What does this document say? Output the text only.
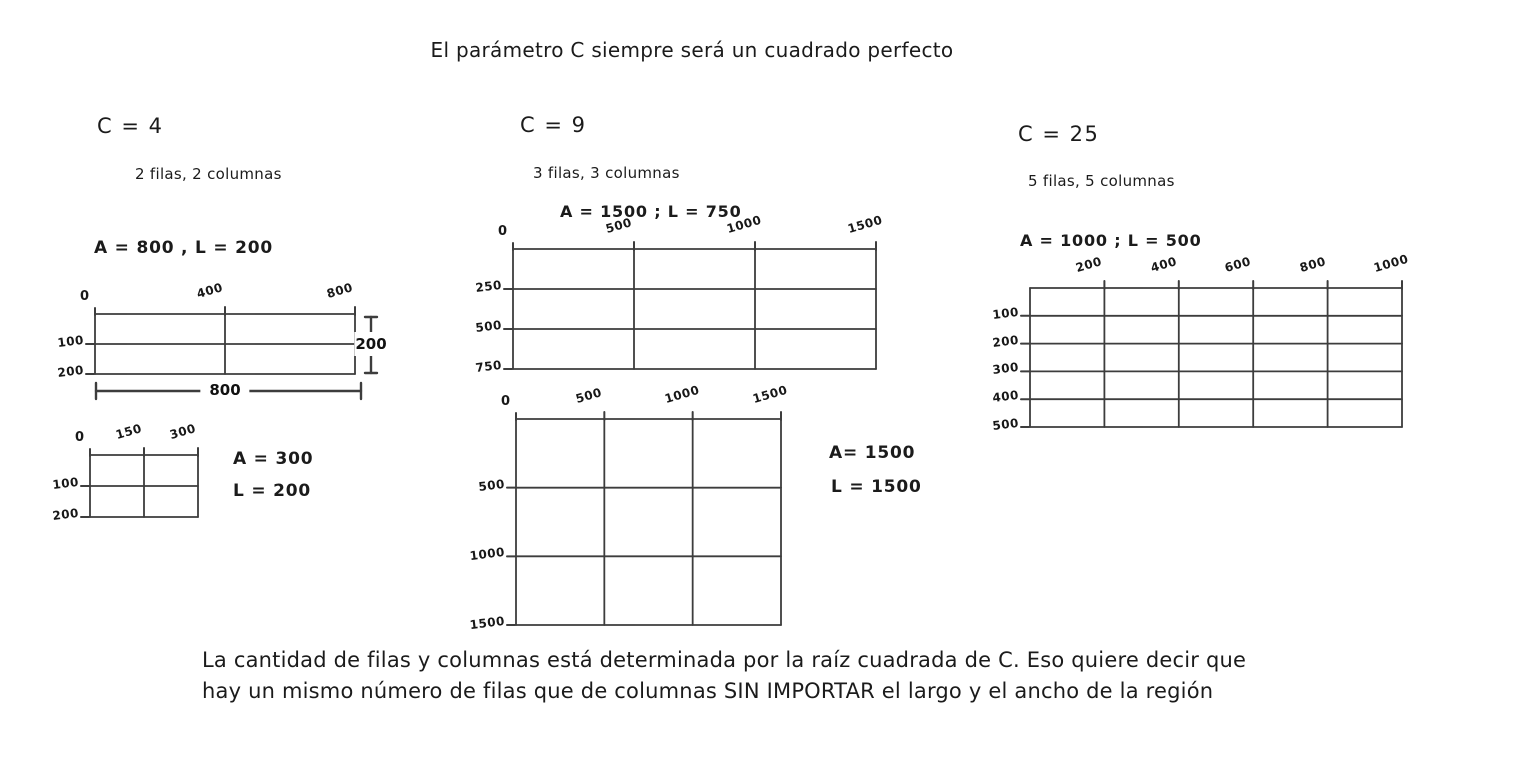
El parámetro C siempre será un cuadrado perfecto
C = 4
2 filas, 2 columnas
A = 800 , L = 200
0	400	800
100
200
800
200
0 150 300
100
200
A = 300
L = 200
C = 9
3 filas, 3 columnas
A = 1500 ; L = 750
0	500	1000	1500
250
500
750
0	500	1000	1500
500
1000
1500
A= 1500
L = 1500
C = 25
5 filas, 5 columnas
A = 1000 ; L = 500
200	400	600	800	1000
100
200
300
400
500
La cantidad de filas y columnas está determinada por la raíz cuadrada de C. Eso quiere decir que
hay un mismo número de filas que de columnas SIN IMPORTAR el largo y el ancho de la región
